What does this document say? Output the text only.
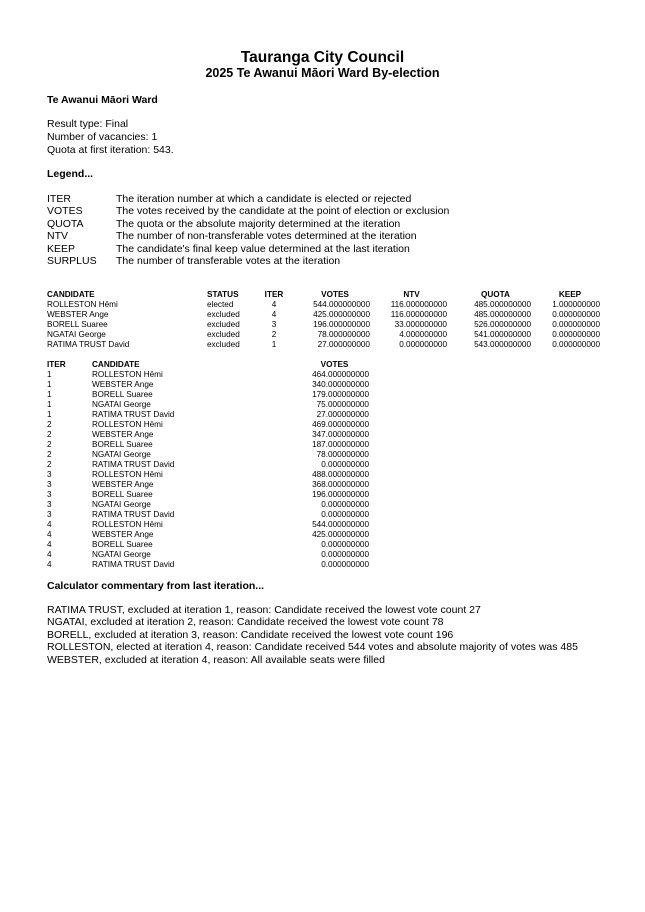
Tauranga City Council
2025 Te Awanui Māori Ward By-election
Te Awanui Māori Ward
Result type: Final
Number of vacancies: 1
Quota at first iteration: 543.
Legend...
ITER	The iteration number at which a candidate is elected or rejected
VOTES	The votes received by the candidate at the point of election or exclusion
QUOTA	The quota or the absolute majority determined at the iteration
NTV	The number of non-transferable votes determined at the iteration
KEEP	The candidate's final keep value determined at the last iteration
SURPLUS The number of transferable votes at the iteration
CANDIDATE	STATUS	ITER	VOTES	NTV	QUOTA	KEEP
ROLLESTON Hēmi	elected	4	544.000000000	116.000000000	485.000000000	1.000000000
WEBSTER Ange	excluded	4	425.000000000	116.000000000	485.000000000	0.000000000
BORELL Suaree	excluded	3	196.000000000	33.000000000	526.000000000	0.000000000
NGATAI George	excluded	2	78.000000000	4.000000000	541.000000000	0.000000000
RATIMA TRUST David	excluded	1	27.000000000	0.000000000	543.000000000	0.000000000
ITER	CANDIDATE	VOTES
1	ROLLESTON Hēmi	464.000000000
1	WEBSTER Ange	340.000000000
1	BORELL Suaree	179.000000000
1	NGATAI George	75.000000000
1	RATIMA TRUST David	27.000000000
2	ROLLESTON Hēmi	469.000000000
2	WEBSTER Ange	347.000000000
2	BORELL Suaree	187.000000000
2	NGATAI George	78.000000000
2	RATIMA TRUST David	0.000000000
3	ROLLESTON Hēmi	488.000000000
3	WEBSTER Ange	368.000000000
3	BORELL Suaree	196.000000000
3	NGATAI George	0.000000000
3	RATIMA TRUST David	0.000000000
4	ROLLESTON Hēmi	544.000000000
4	WEBSTER Ange	425.000000000
4	BORELL Suaree	0.000000000
4	NGATAI George	0.000000000
4	RATIMA TRUST David	0.000000000
Calculator commentary from last iteration...
RATIMA TRUST, excluded at iteration 1, reason: Candidate received the lowest vote count 27
NGATAI, excluded at iteration 2, reason: Candidate received the lowest vote count 78
BORELL, excluded at iteration 3, reason: Candidate received the lowest vote count 196
ROLLESTON, elected at iteration 4, reason: Candidate received 544 votes and absolute majority of votes was 485
WEBSTER, excluded at iteration 4, reason: All available seats were filled
